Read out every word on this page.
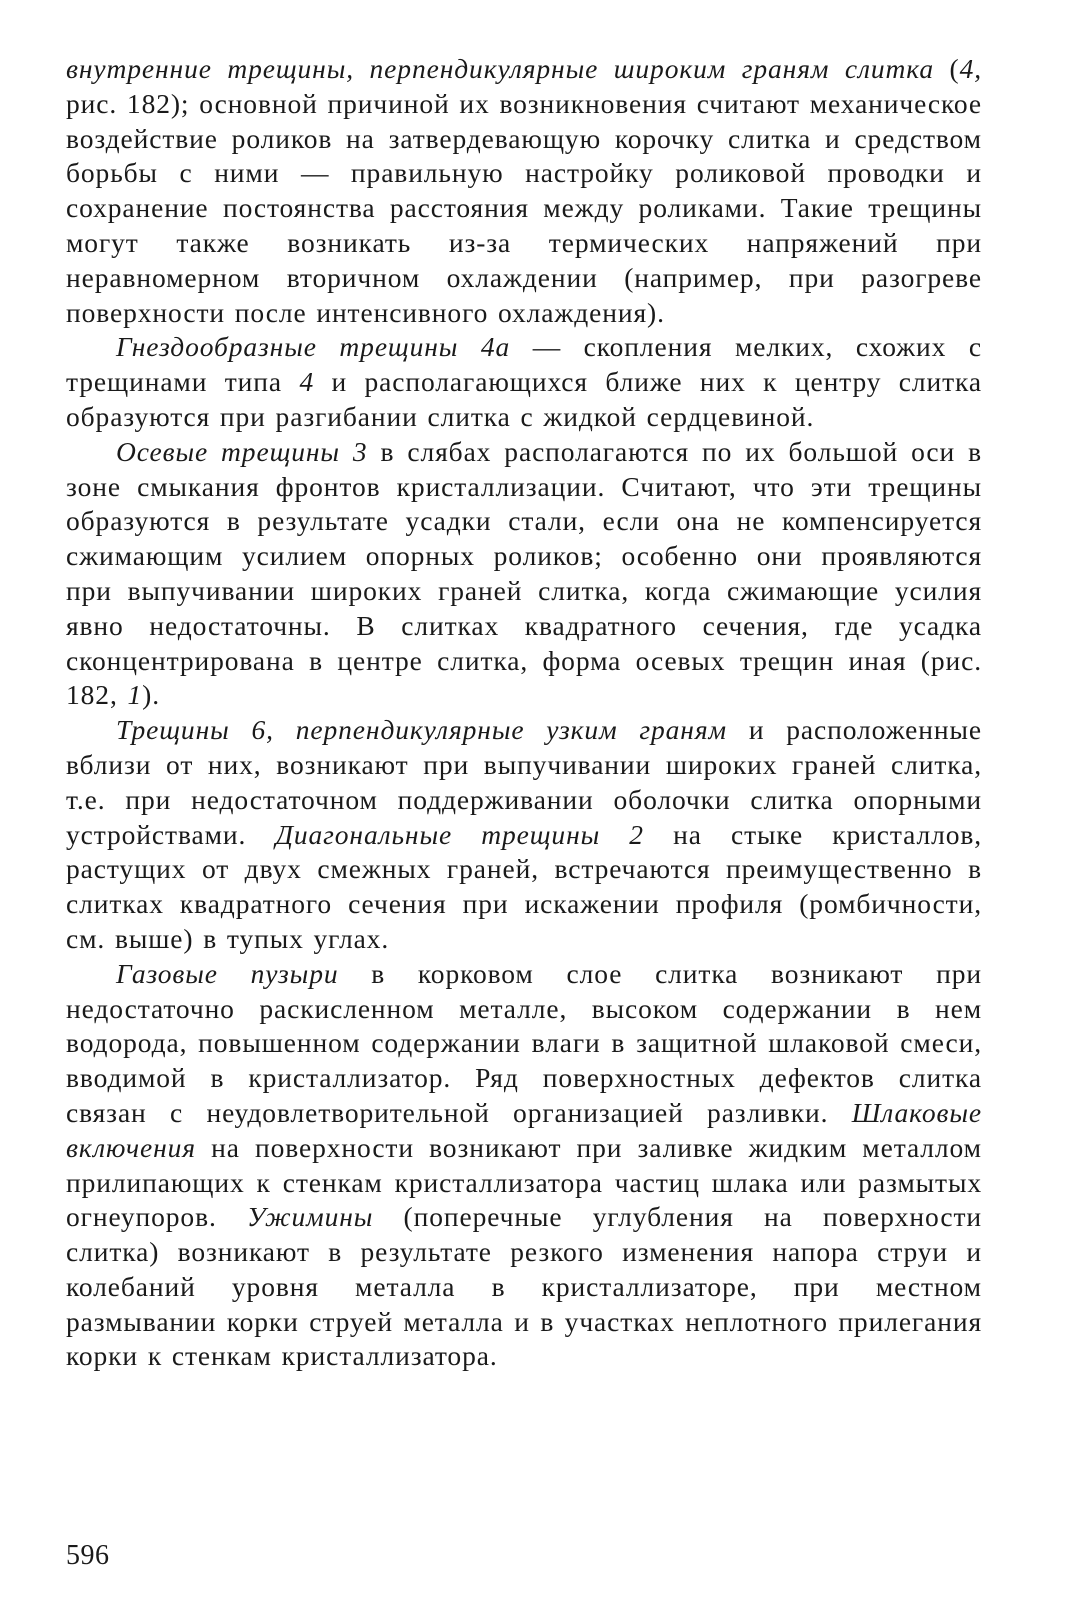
внутренние трещины, перпендикулярные широким граням слитка (4, рис. 182); основной причиной их возникновения считают механическое воздействие роликов на затвердевающую корочку слитка и средством борьбы с ними — правильную настройку роликовой проводки и сохранение постоянства расстояния между роликами. Такие трещины могут также возникать из-за термических напряжений при неравномерном вторичном охлаждении (например, при разогреве поверхности после интенсивного охлаждения).

Гнездообразные трещины 4а — скопления мелких, схожих с трещинами типа 4 и располагающихся ближе них к центру слитка образуются при разгибании слитка с жидкой сердцевиной.

Осевые трещины 3 в слябах располагаются по их большой оси в зоне смыкания фронтов кристаллизации. Считают, что эти трещины образуются в результате усадки стали, если она не компенсируется сжимающим усилием опорных роликов; особенно они проявляются при выпучивании широких граней слитка, когда сжимающие усилия явно недостаточны. В слитках квадратного сечения, где усадка сконцентрирована в центре слитка, форма осевых трещин иная (рис. 182, 1).

Трещины 6, перпендикулярные узким граням и расположенные вблизи от них, возникают при выпучивании широких граней слитка, т.е. при недостаточном поддерживании оболочки слитка опорными устройствами. Диагональные трещины 2 на стыке кристаллов, растущих от двух смежных граней, встречаются преимущественно в слитках квадратного сечения при искажении профиля (ромбичности, см. выше) в тупых углах.

Газовые пузыри в корковом слое слитка возникают при недостаточно раскисленном металле, высоком содержании в нем водорода, повышенном содержании влаги в защитной шлаковой смеси, вводимой в кристаллизатор. Ряд поверхностных дефектов слитка связан с неудовлетворительной организацией разливки. Шлаковые включения на поверхности возникают при заливке жидким металлом прилипающих к стенкам кристаллизатора частиц шлака или размытых огнеупоров. Ужимины (поперечные углубления на поверхности слитка) возникают в результате резкого изменения напора струи и колебаний уровня металла в кристаллизаторе, при местном размывании корки струей металла и в участках неплотного прилегания корки к стенкам кристаллизатора.

596
